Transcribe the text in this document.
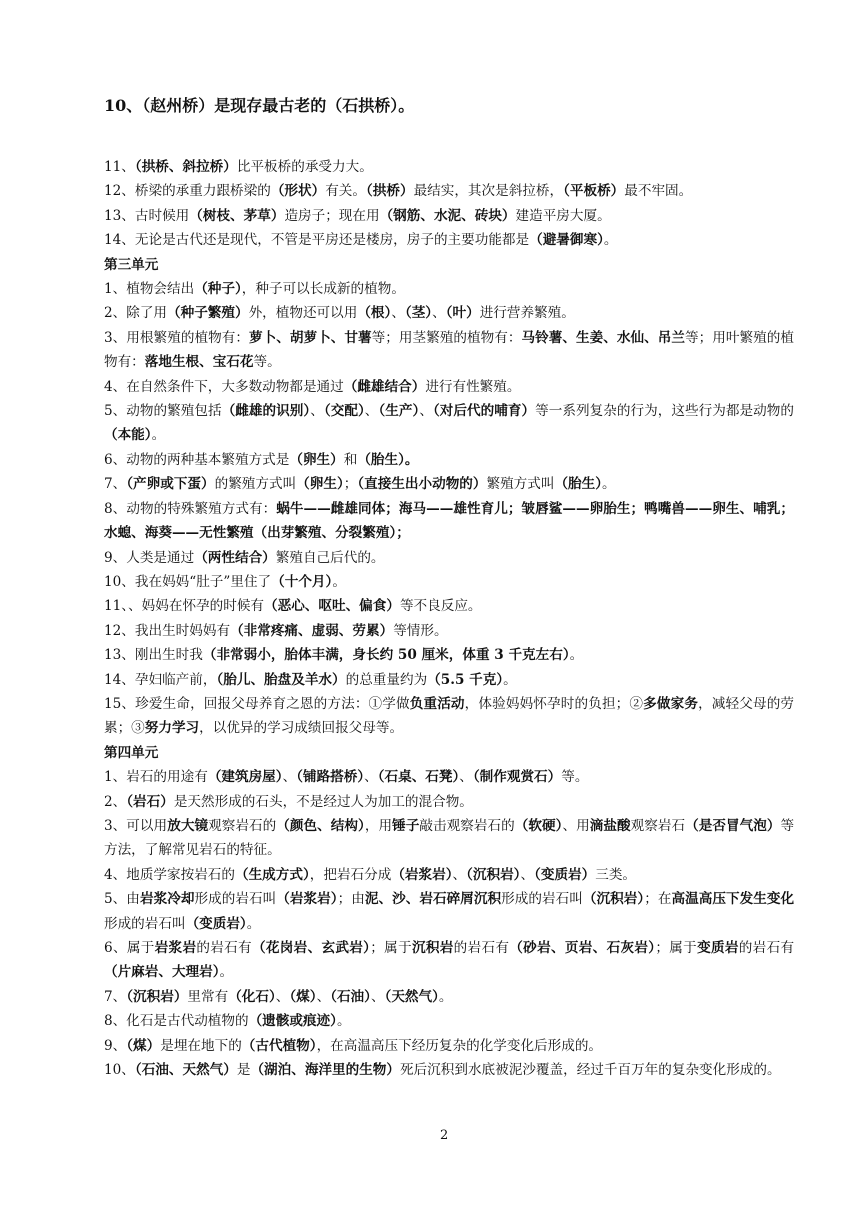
10、（赵州桥）是现存最古老的（石拱桥）。

11、（拱桥、斜拉桥）比平板桥的承受力大。

12、桥梁的承重力跟桥梁的（形状）有关。（拱桥）最结实，其次是斜拉桥，（平板桥）最不牢固。

13、古时候用（树枝、茅草）造房子；现在用（钢筋、水泥、砖块）建造平房大厦。

14、无论是古代还是现代，不管是平房还是楼房，房子的主要功能都是（避暑御寒）。

第三单元

1、植物会结出（种子），种子可以长成新的植物。

2、除了用（种子繁殖）外，植物还可以用（根）、（茎）、（叶）进行营养繁殖。

3、用根繁殖的植物有：萝卜、胡萝卜、甘薯等；用茎繁殖的植物有：马铃薯、生姜、水仙、吊兰等；用叶繁殖的植物有：落地生根、宝石花等。

4、在自然条件下，大多数动物都是通过（雌雄结合）进行有性繁殖。

5、动物的繁殖包括（雌雄的识别）、（交配）、（生产）、（对后代的哺育）等一系列复杂的行为，这些行为都是动物的（本能）。

6、动物的两种基本繁殖方式是（卵生）和（胎生）。

7、（产卵或下蛋）的繁殖方式叫（卵生）；（直接生出小动物的）繁殖方式叫（胎生）。

8、动物的特殊繁殖方式有：蜗牛——雌雄同体；海马——雄性育儿；皱唇鲨——卵胎生；鸭嘴兽——卵生、哺乳；水螅、海葵——无性繁殖（出芽繁殖、分裂繁殖）；

9、人类是通过（两性结合）繁殖自己后代的。

10、我在妈妈“肚子”里住了（十个月）。

11、、妈妈在怀孕的时候有（恶心、呕吐、偏食）等不良反应。

12、我出生时妈妈有（非常疼痛、虚弱、劳累）等情形。

13、刚出生时我（非常弱小，胎体丰满，身长约 50 厘米，体重 3 千克左右）。

14、孕妇临产前，（胎儿、胎盘及羊水）的总重量约为（5.5 千克）。

15、珍爱生命，回报父母养育之恩的方法：①学做负重活动，体验妈妈怀孕时的负担；②多做家务，减轻父母的劳累；③努力学习，以优异的学习成绩回报父母等。

第四单元

1、岩石的用途有（建筑房屋）、（铺路搭桥）、（石桌、石凳）、（制作观赏石）等。

2、（岩石）是天然形成的石头，不是经过人为加工的混合物。

3、可以用放大镜观察岩石的（颜色、结构），用锤子敲击观察岩石的（软硬）、用滴盐酸观察岩石（是否冒气泡）等方法，了解常见岩石的特征。

4、地质学家按岩石的（生成方式），把岩石分成（岩浆岩）、（沉积岩）、（变质岩）三类。

5、由岩浆冷却形成的岩石叫（岩浆岩）；由泥、沙、岩石碎屑沉积形成的岩石叫（沉积岩）；在高温高压下发生变化形成的岩石叫（变质岩）。

6、属于岩浆岩的岩石有（花岗岩、玄武岩）；属于沉积岩的岩石有（砂岩、页岩、石灰岩）；属于变质岩的岩石有（片麻岩、大理岩）。

7、（沉积岩）里常有（化石）、（煤）、（石油）、（天然气）。

8、化石是古代动植物的（遗骸或痕迹）。

9、（煤）是埋在地下的（古代植物），在高温高压下经历复杂的化学变化后形成的。

10、（石油、天然气）是（湖泊、海洋里的生物）死后沉积到水底被泥沙覆盖，经过千百万年的复杂变化形成的。

2
